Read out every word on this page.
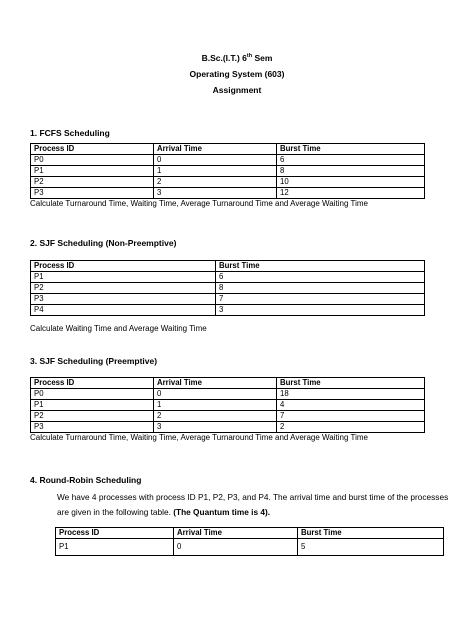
B.Sc.(I.T.) 6th Sem
Operating System (603)
Assignment
1. FCFS Scheduling
Process ID	Arrival Time	Burst Time
P0	0	6
P1	1	8
P2	2	10
P3	3	12
Calculate Turnaround Time, Waiting Time, Average Turnaround Time and Average Waiting Time
2. SJF Scheduling (Non-Preemptive)
Process ID	Burst Time
P1	6
P2	8
P3	7
P4	3
Calculate Waiting Time and Average Waiting Time
3. SJF Scheduling (Preemptive)
Process ID	Arrival Time	Burst Time
P0	0	18
P1	1	4
P2	2	7
P3	3	2
Calculate Turnaround Time, Waiting Time, Average Turnaround Time and Average Waiting Time
4. Round-Robin Scheduling
We have 4 processes with process ID P1, P2, P3, and P4. The arrival time and burst time of the processes are given in the following table. (The Quantum time is 4).
Process ID	Arrival Time	Burst Time
P1	0	5
